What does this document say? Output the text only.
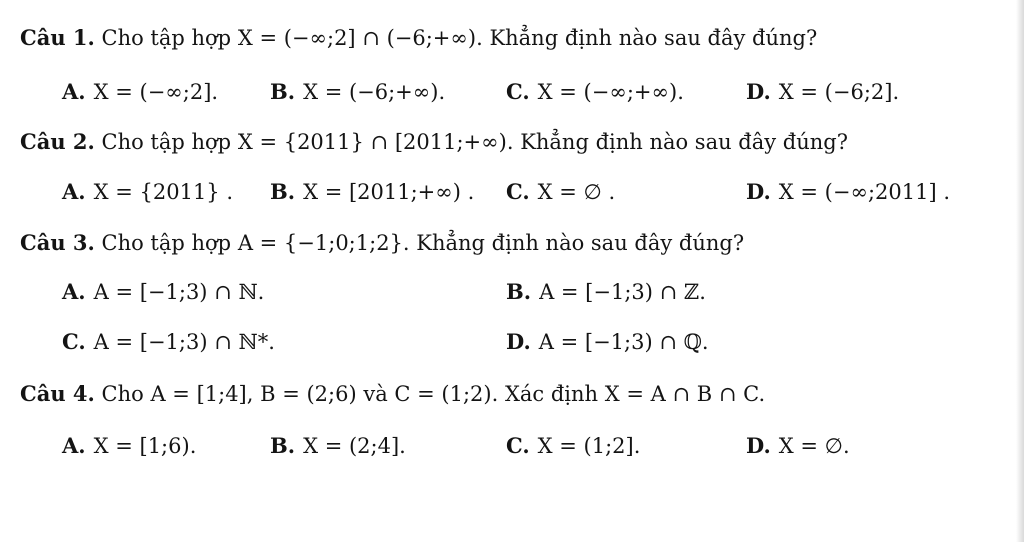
Câu 1. Cho tập hợp X = (−∞;2] ∩ (−6;+∞). Khẳng định nào sau đây đúng?
A. X = (−∞;2]. B. X = (−6;+∞).	C. X = (−∞;+∞).	D. X = (−6;2].
Câu 2. Cho tập hợp X = {2011} ∩ [2011;+∞). Khẳng định nào sau đây đúng?
A. X = {2011} . B. X = [2011;+∞) . C. X = ∅ .	D. X = (−∞;2011] .
Câu 3. Cho tập hợp A = {−1;0;1;2}. Khẳng định nào sau đây đúng?
A. A = [−1;3) ∩ ℕ.	B. A = [−1;3) ∩ ℤ.
C. A = [−1;3) ∩ ℕ*.	D. A = [−1;3) ∩ ℚ.
Câu 4. Cho A = [1;4], B = (2;6) và C = (1;2). Xác định X = A ∩ B ∩ C.
A. X = [1;6).	B. X = (2;4].	C. X = (1;2].	D. X = ∅.
